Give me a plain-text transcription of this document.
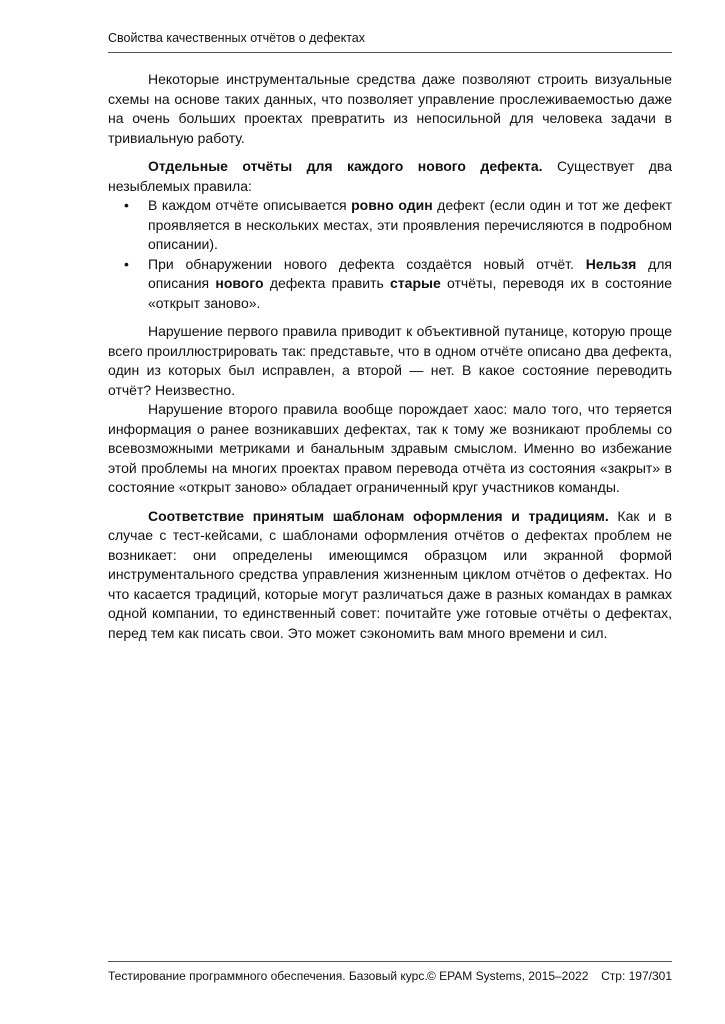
Свойства качественных отчётов о дефектах

Некоторые инструментальные средства даже позволяют строить визуальные схемы на основе таких данных, что позволяет управление прослеживаемостью даже на очень больших проектах превратить из непосильной для человека задачи в тривиальную работу.

Отдельные отчёты для каждого нового дефекта. Существует два незыблемых правила:

• В каждом отчёте описывается ровно один дефект (если один и тот же дефект проявляется в нескольких местах, эти проявления перечисляются в подробном описании).
• При обнаружении нового дефекта создаётся новый отчёт. Нельзя для описания нового дефекта править старые отчёты, переводя их в состояние «открыт заново».

Нарушение первого правила приводит к объективной путанице, которую проще всего проиллюстрировать так: представьте, что в одном отчёте описано два дефекта, один из которых был исправлен, а второй — нет. В какое состояние переводить отчёт? Неизвестно.

Нарушение второго правила вообще порождает хаос: мало того, что теряется информация о ранее возникавших дефектах, так к тому же возникают проблемы со всевозможными метриками и банальным здравым смыслом. Именно во избежание этой проблемы на многих проектах правом перевода отчёта из состояния «закрыт» в состояние «открыт заново» обладает ограниченный круг участников команды.

Соответствие принятым шаблонам оформления и традициям. Как и в случае с тест-кейсами, с шаблонами оформления отчётов о дефектах проблем не возникает: они определены имеющимся образцом или экранной формой инструментального средства управления жизненным циклом отчётов о дефектах. Но что касается традиций, которые могут различаться даже в разных командах в рамках одной компании, то единственный совет: почитайте уже готовые отчёты о дефектах, перед тем как писать свои. Это может сэкономить вам много времени и сил.

Тестирование программного обеспечения. Базовый курс. © EPAM Systems, 2015–2022 Стр: 197/301
